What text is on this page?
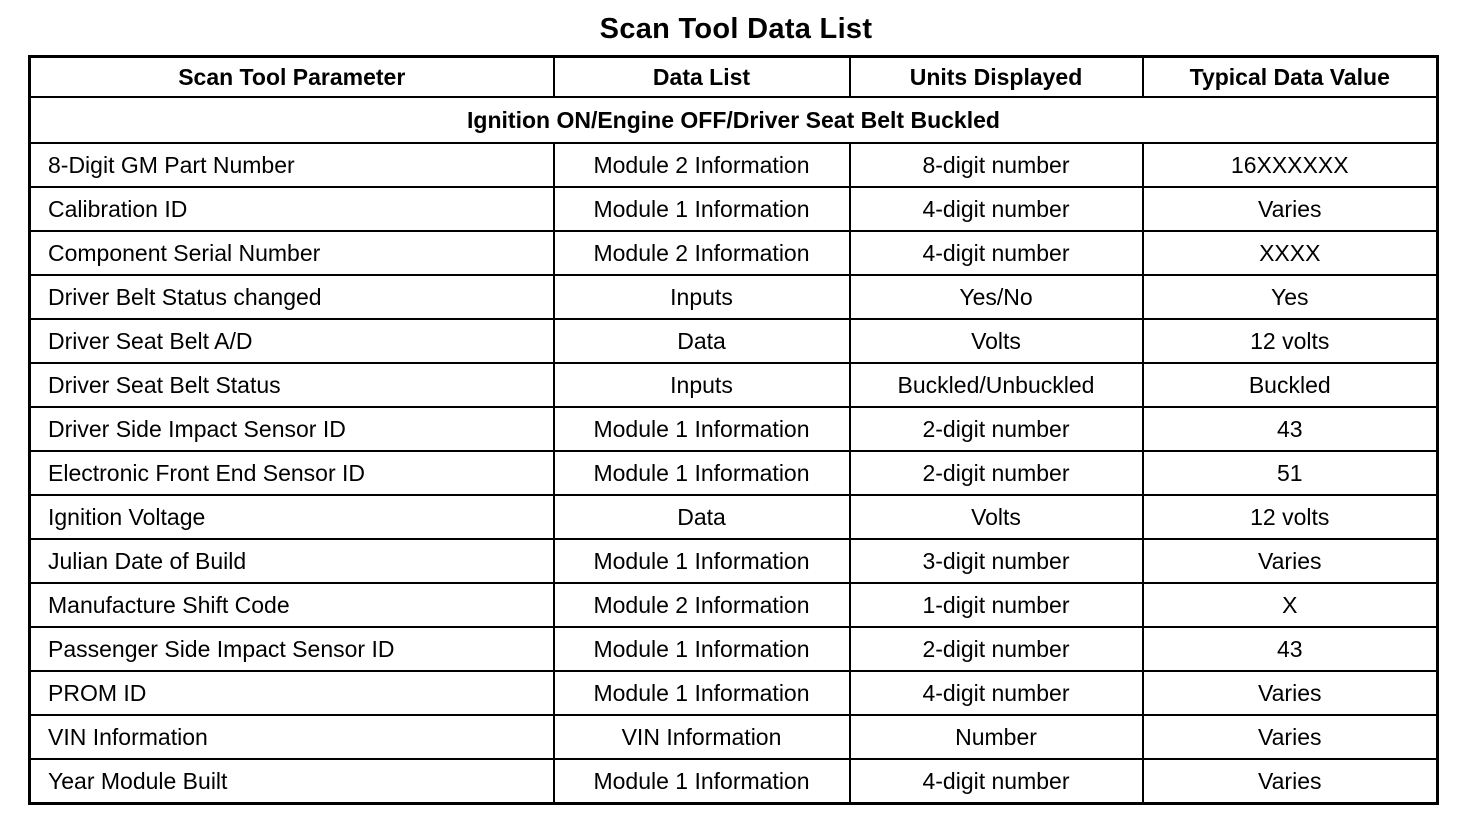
Scan Tool Data List
Scan Tool Parameter	Data List	Units Displayed	Typical Data Value
Ignition ON/Engine OFF/Driver Seat Belt Buckled			
8-Digit GM Part Number	Module 2 Information	8-digit number	16XXXXXX
Calibration ID	Module 1 Information	4-digit number	Varies
Component Serial Number	Module 2 Information	4-digit number	XXXX
Driver Belt Status changed	Inputs	Yes/No	Yes
Driver Seat Belt A/D	Data	Volts	12 volts
Driver Seat Belt Status	Inputs	Buckled/Unbuckled	Buckled
Driver Side Impact Sensor ID	Module 1 Information	2-digit number	43
Electronic Front End Sensor ID	Module 1 Information	2-digit number	51
Ignition Voltage	Data	Volts	12 volts
Julian Date of Build	Module 1 Information	3-digit number	Varies
Manufacture Shift Code	Module 2 Information	1-digit number	X
Passenger Side Impact Sensor ID	Module 1 Information	2-digit number	43
PROM ID	Module 1 Information	4-digit number	Varies
VIN Information	VIN Information	Number	Varies
Year Module Built	Module 1 Information	4-digit number	Varies
